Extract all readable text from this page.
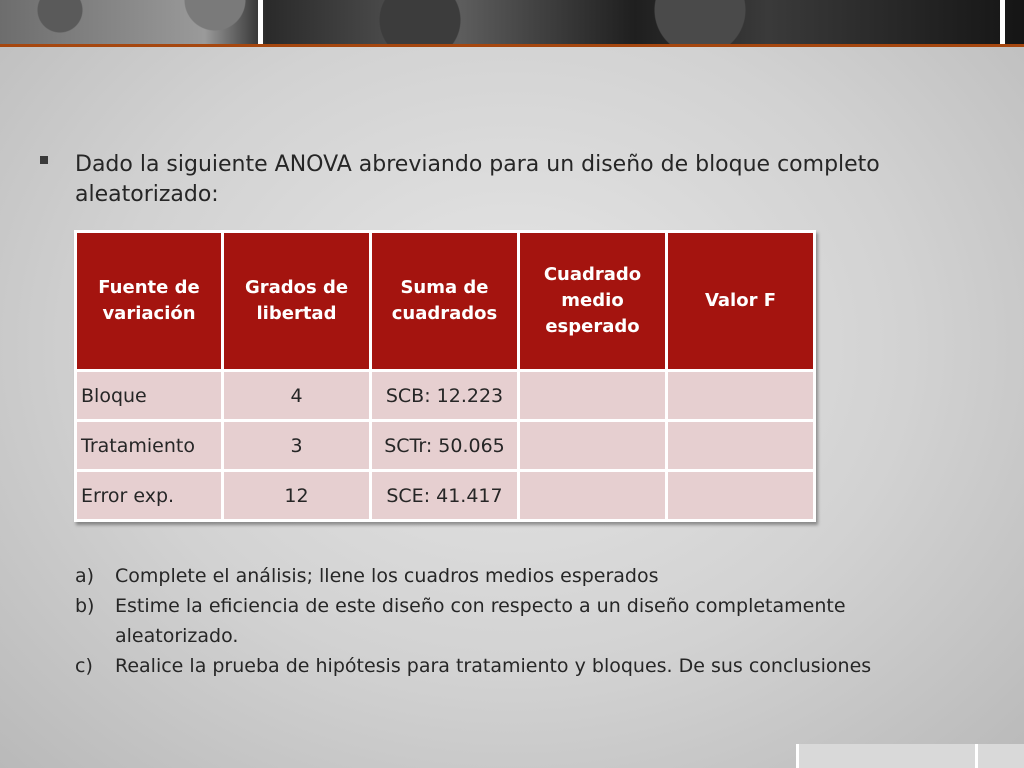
Dado la siguiente ANOVA abreviando para un diseño de bloque completo aleatorizado:
Fuente de variación	Grados de libertad	Suma de cuadrados	Cuadrado medio esperado	Valor F
Bloque	4	SCB: 12.223		
Tratamiento	3	SCTr: 50.065		
Error exp.	12	SCE: 41.417		
a) Complete el análisis; llene los cuadros medios esperados
b) Estime la eficiencia de este diseño con respecto a un diseño completamente aleatorizado.
c) Realice la prueba de hipótesis para tratamiento y bloques. De sus conclusiones
